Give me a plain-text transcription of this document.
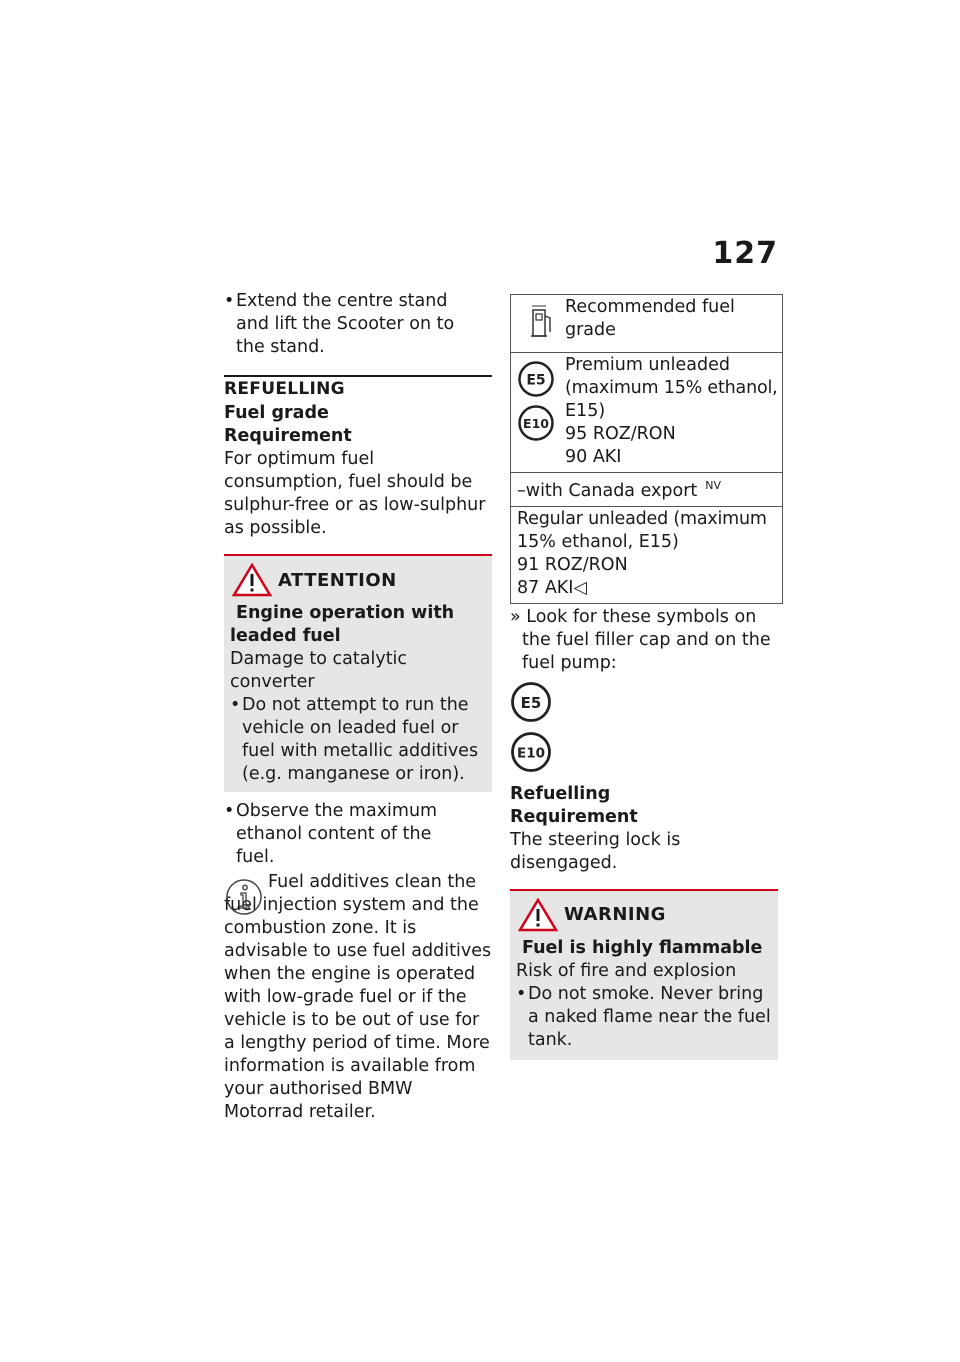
127
• Extend the centre stand and lift the Scooter on to the stand.
REFUELLING

Fuel grade

Requirement

For optimum fuel consumption, fuel should be sulphur-free or as low-sulphur as possible.

ATTENTION

Engine operation with leaded fuel

Damage to catalytic converter

• Do not attempt to run the vehicle on leaded fuel or fuel with metallic additives (e.g. manganese or iron).
• Observe the maximum ethanol content of the fuel.

Fuel additives clean the fuel injection system and the combustion zone. It is advisable to use fuel additives when the engine is operated with low-grade fuel or if the vehicle is to be out of use for a lengthy period of time. More information is available from your authorised BMW Motorrad retailer.

Recommended fuel grade

E5
E10
Premium unleaded
(maximum 15% ethanol,
E15)
95 ROZ/RON
90 AKI

–with Canada export $^{NV}$

Regular unleaded (maximum
15% ethanol, E15)
91 ROZ/RON
87 AKI◁

» Look for these symbols on the fuel filler cap and on the fuel pump:

E5
E10

Refuelling

Requirement

The steering lock is disengaged.

WARNING

Fuel is highly flammable

Risk of fire and explosion

• Do not smoke. Never bring a naked flame near the fuel tank.
